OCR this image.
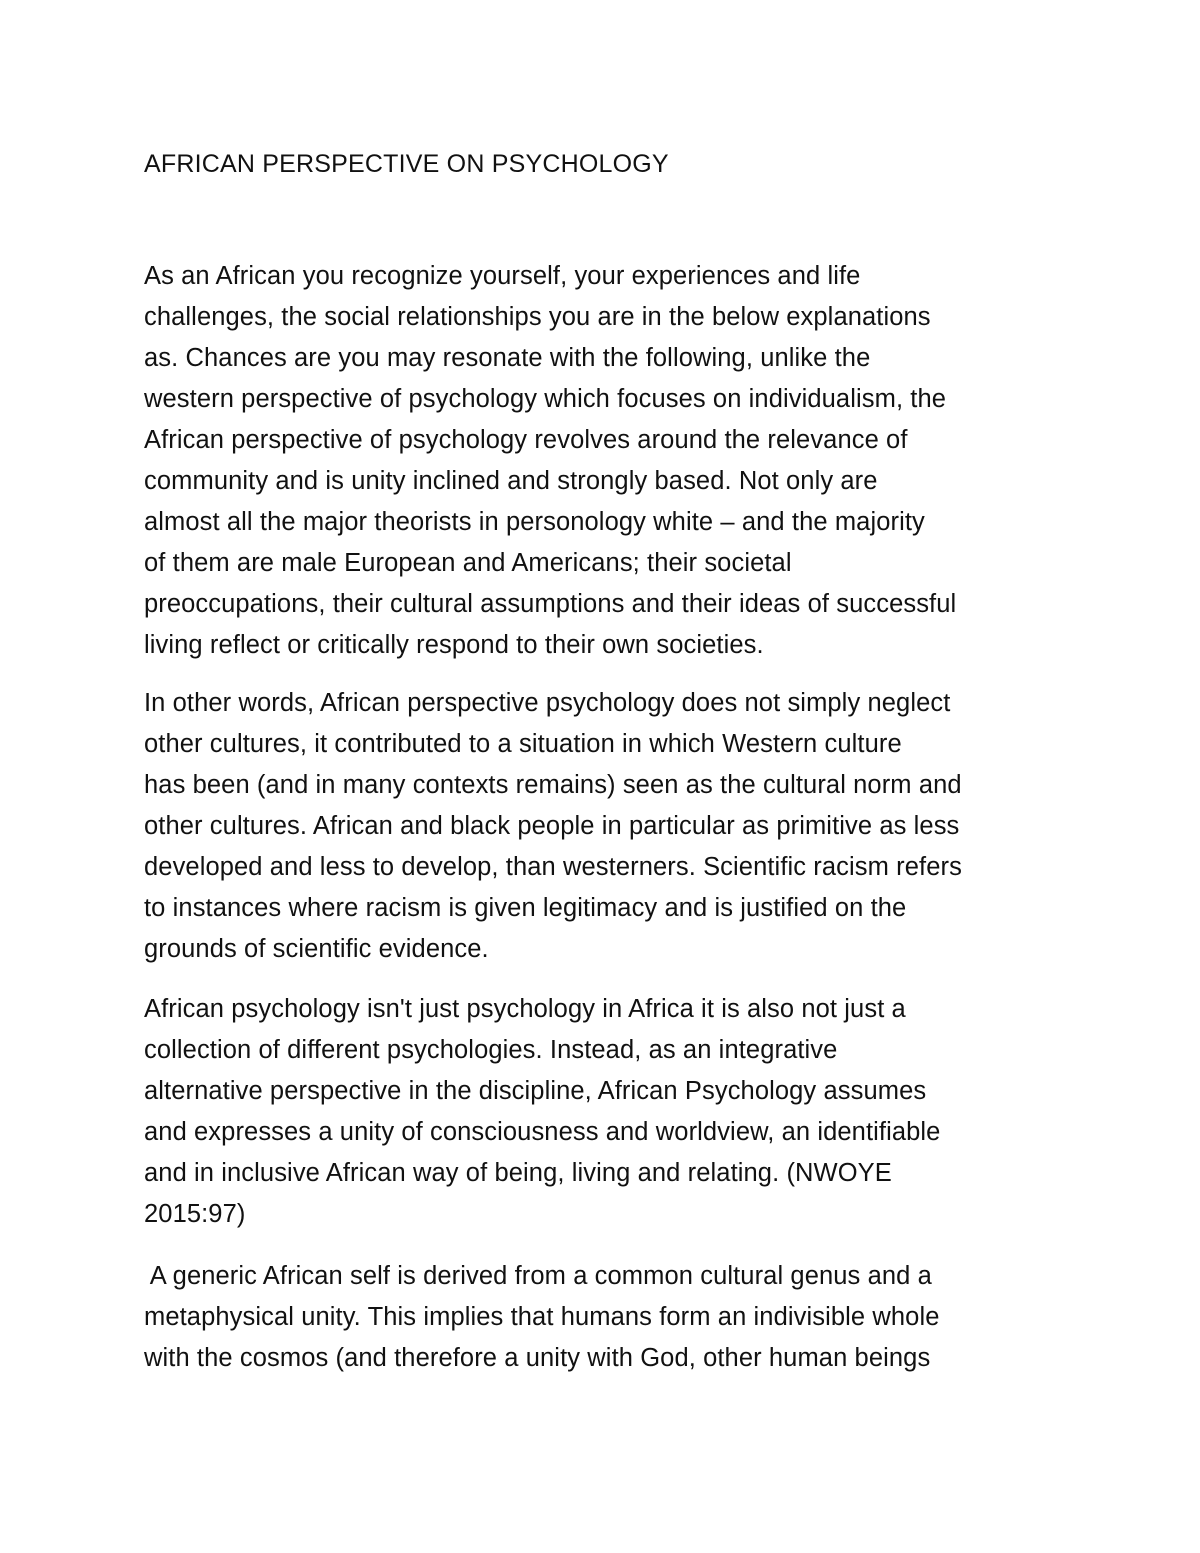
AFRICAN PERSPECTIVE ON PSYCHOLOGY
As an African you recognize yourself, your experiences and life
challenges, the social relationships you are in the below explanations
as. Chances are you may resonate with the following, unlike the
western perspective of psychology which focuses on individualism, the
African perspective of psychology revolves around the relevance of
community and is unity inclined and strongly based. Not only are
almost all the major theorists in personology white – and the majority
of them are male European and Americans; their societal
preoccupations, their cultural assumptions and their ideas of successful
living reflect or critically respond to their own societies.
In other words, African perspective psychology does not simply neglect
other cultures, it contributed to a situation in which Western culture
has been (and in many contexts remains) seen as the cultural norm and
other cultures. African and black people in particular as primitive as less
developed and less to develop, than westerners. Scientific racism refers
to instances where racism is given legitimacy and is justified on the
grounds of scientific evidence.
African psychology isn't just psychology in Africa it is also not just a
collection of different psychologies. Instead, as an integrative
alternative perspective in the discipline, African Psychology assumes
and expresses a unity of consciousness and worldview, an identifiable
and in inclusive African way of being, living and relating. (NWOYE
2015:97)
A generic African self is derived from a common cultural genus and a
metaphysical unity. This implies that humans form an indivisible whole
with the cosmos (and therefore a unity with God, other human beings
